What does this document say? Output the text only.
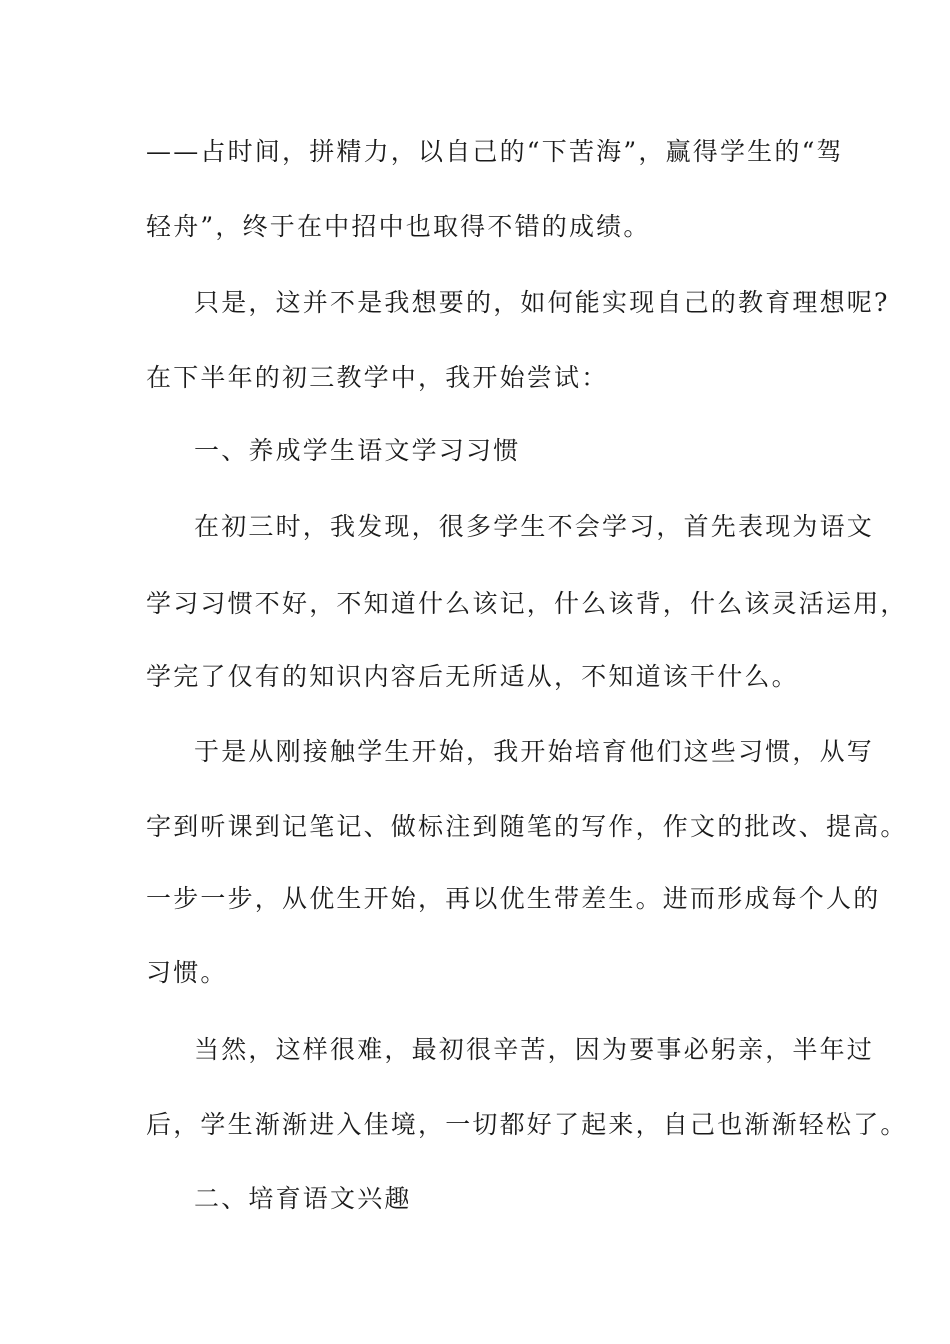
——占时间，拼精力，以自己的“下苦海”，赢得学生的“驾
轻舟”，终于在中招中也取得不错的成绩。
只是，这并不是我想要的，如何能实现自己的教育理想呢?
在下半年的初三教学中，我开始尝试：
一、养成学生语文学习习惯
在初三时，我发现，很多学生不会学习，首先表现为语文
学习习惯不好，不知道什么该记，什么该背，什么该灵活运用，
学完了仅有的知识内容后无所适从，不知道该干什么。
于是从刚接触学生开始，我开始培育他们这些习惯，从写
字到听课到记笔记、做标注到随笔的写作，作文的批改、提高。
一步一步，从优生开始，再以优生带差生。进而形成每个人的
习惯。
当然，这样很难，最初很辛苦，因为要事必躬亲，半年过
后，学生渐渐进入佳境，一切都好了起来，自己也渐渐轻松了。
二、培育语文兴趣
